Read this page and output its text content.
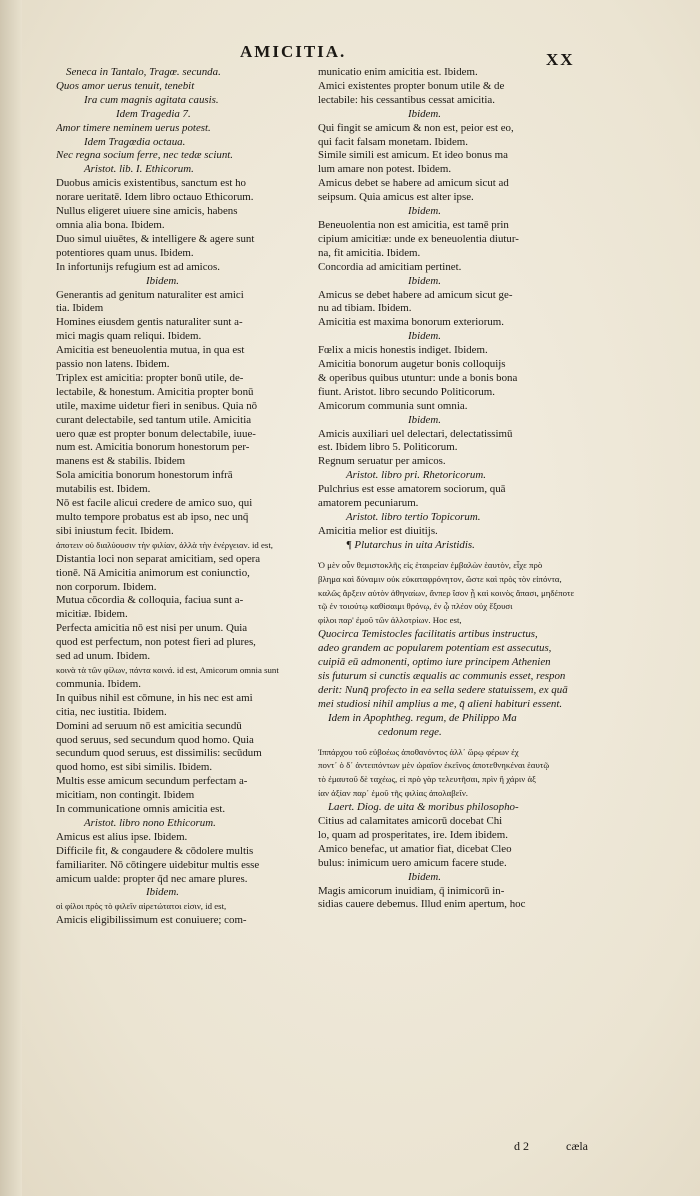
AMICITIA.	XX
Seneca in Tantalo, Tragœ. secunda.
Quos amor uerus tenuit, tenebit
Ira cum magnis agitata causis.
Idem Tragedia 7.
Amor timere neminem uerus potest.
Idem Tragœdia octaua.
Nec regna socium ferre, nec tedæ sciunt.
Aristot. lib. I. Ethicorum.
Duobus amicis existentibus, sanctum est ho
norare ueritatē. Idem libro octauo Ethicorum.
Nullus eligeret uiuere sine amicis, habens
omnia alia bona. Ibidem.
Duo simul uiuētes, & intelligere & agere sunt
potentiores quam unus. Ibidem.
In infortunijs refugium est ad amicos.
Ibidem.
Generantis ad genitum naturaliter est amici
tia. Ibidem
Homines eiusdem gentis naturaliter sunt a-
mici magis quam reliqui. Ibidem.
Amicitia est beneuolentia mutua, in qua est
passio non latens. Ibidem.
Triplex est amicitia: propter bonū utile, de-
lectabile, & honestum. Amicitia propter bonū
utile, maxime uidetur fieri in senibus. Quia nō
curant delectabile, sed tantum utile. Amicitia
uero quæ est propter bonum delectabile, iuue-
num est. Amicitia bonorum honestorum per-
manens est & stabilis. Ibidem
Sola amicitia bonorum honestorum infrā
mutabilis est. Ibidem.
Nō est facile alicui credere de amico suo, qui
multo tempore probatus est ab ipso, nec unq̄
sibi iniustum fecit. Ibidem.
ἀποτειν οὐ διαλύουσιν τὴν φιλίαν, ἀλλὰ τὴν ἐνέργειαν. id est,
Distantia loci non separat amicitiam, sed opera
tionē. Nā Amicitia animorum est coniunctio,
non corporum. Ibidem.
Mutua cōcordia & colloquia, faciua sunt a-
micitiæ. Ibidem.
Perfecta amicitia nō est nisi per unum. Quia
quod est perfectum, non potest fieri ad plures,
sed ad unum. Ibidem.
κοινὰ τὰ τῶν φίλων, πάντα κοινά. id est, Amicorum omnia sunt
communia. Ibidem.
In quibus nihil est cōmune, in his nec est ami
citia, nec iustitia. Ibidem.
Domini ad seruum nō est amicitia secundū
quod seruus, sed secundum quod homo. Quia
secundum quod seruus, est dissimilis: secūdum
quod homo, est sibi similis. Ibidem.
Multis esse amicum secundum perfectam a-
micitiam, non contingit. Ibidem
In communicatione omnis amicitia est.
Aristot. libro nono Ethicorum.
Amicus est alius ipse. Ibidem.
Difficile fit, & congaudere & cōdolere multis
familiariter. Nō cōtingere uidebitur multis esse
amicum ualde: propter q̄d nec amare plures.
Ibidem.
οἱ φίλοι πρὸς τὸ φιλεῖν αἱρετώτατοι εἰσιν, id est,
Amicis eligibilissimum est conuiuere; com-
municatio enim amicitia est. Ibidem.
Amici existentes propter bonum utile & de
lectabile: his cessantibus cessat amicitia.
Ibidem.
Qui fingit se amicum & non est, peior est eo,
qui facit falsam monetam. Ibidem.
Simile simili est amicum. Et ideo bonus ma
lum amare non potest. Ibidem.
Amicus debet se habere ad amicum sicut ad
seipsum. Quia amicus est alter ipse.
Ibidem.
Beneuolentia non est amicitia, est tamē prin
cipium amicitiæ: unde ex beneuolentia diutur-
na, fit amicitia. Ibidem.
Concordia ad amicitiam pertinet.
Ibidem.
Amicus se debet habere ad amicum sicut ge-
nu ad tibiam. Ibidem.
Amicitia est maxima bonorum exteriorum.
Ibidem.
Fœlix a micis honestis indiget. Ibidem.
Amicitia bonorum augetur bonis colloquijs
& operibus quibus utuntur: unde a bonis bona
fiunt. Aristot. libro secundo Politicorum.
Amicorum communia sunt omnia.
Ibidem.
Amicis auxiliari uel delectari, delectatissimū
est. Ibidem libro 5. Politicorum.
Regnum seruatur per amicos.
Aristot. libro pri. Rhetoricorum.
Pulchrius est esse amatorem sociorum, quā
amatorem pecuniarum.
Aristot. libro tertio Topicorum.
Amicitia melior est diuitijs.
¶ Plutarchus in uita Aristidis.
Ὁ μὲν οὖν θεμιστοκλῆς εἰς ἑταιρείαν ἐμβαλὼν ἑαυτὸν, εἶχε πρὸ
βλημα καὶ δύναμιν οὐκ εὐκαταφρόνητον, ὥστε καὶ πρὸς τὸν εἰπόντα,
καλῶς ἄρξειν αὐτὸν ἀθηναίων, ἄνπερ ἴσον ᾖ καὶ κοινὸς ἅπασι, μηδέποτε
τῷ ἐν τοιούτῳ καθίσαιμι θρόνῳ, ἐν ᾧ πλέον οὐχ ἕξουσι
φίλοι παρ' ἐμοῦ τῶν ἀλλοτρίων. Hoc est,
Quocirca Temistocles facilitatis artibus instructus,
adeo grandem ac popularem potentiam est assecutus,
cuipiā eū admonenti, optimo iure principem Athenien
sis futurum si cunctis æqualis ac communis esset, respon
derit: Nunq̄ profecto in ea sella sedere statuissem, ex quā
mei studiosi nihil amplius a me, q̄ alieni habituri essent.
Idem in Apophtheg. regum, de Philippo Ma
cedonum rege.
Ἱππάρχου τοῦ εὐβοέως ἀποθανόντος ἀλλ᾽ ὥρῳ φέρων ἐχ
ποντ᾽ ὁ δ᾽ ἀντειπόντων μὲν ὡραῖον ἐκεῖνος ἀποτεθνηκέναι ἑαυτῷ
τὸ ἐμαυτοῦ δὲ ταχέως, εἰ πρὸ γὰρ τελευτῆσαι, πρὶν ἢ χάριν ἀξ
ίαν ἀξίαν παρ᾽ ἐμοῦ τῆς φιλίας ἀπολαβεῖν.
Laert. Diog. de uita & moribus philosopho-
Citius ad calamitates amicorū docebat Chi
lo, quam ad prosperitates, ire. Idem ibidem.
Amico benefac, ut amatior fiat, dicebat Cleo
bulus: inimicum uero amicum facere stude.
Ibidem.
Magis amicorum inuidiam, q̄ inimicorū in-
sidias cauere debemus. Illud enim apertum, hoc
d 2	cæla
